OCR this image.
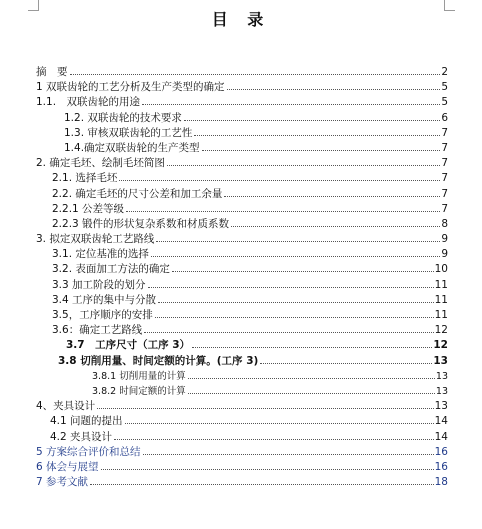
目 录
摘　要	2
1 双联齿轮的工艺分析及生产类型的确定	5
1.1.　双联齿轮的用途	5
1.2. 双联齿轮的技术要求	6
1.3. 审核双联齿轮的工艺性	7
1.4.确定双联齿轮的生产类型	7
2. 确定毛坯、绘制毛坯简图	7
2.1. 选择毛坯	7
2.2. 确定毛坯的尺寸公差和加工余量	7
2.2.1 公差等级	7
2.2.3 锻件的形状复杂系数和材质系数	8
3. 拟定双联齿轮工艺路线	9
3.1. 定位基准的选择	9
3.2. 表面加工方法的确定	10
3.3 加工阶段的划分	11
3.4 工序的集中与分散	11
3.5，工序顺序的安排	11
3.6：确定工艺路线	12
3.7　工序尺寸（工序 3）	12
3.8 切削用量、时间定额的计算。(工序 3)	13
3.8.1 切削用量的计算	13
3.8.2 时间定额的计算	13
4、夹具设计	13
4.1 问题的提出	14
4.2 夹具设计	14
5 方案综合评价和总结	16
6 体会与展望	16
7 参考文献	18
